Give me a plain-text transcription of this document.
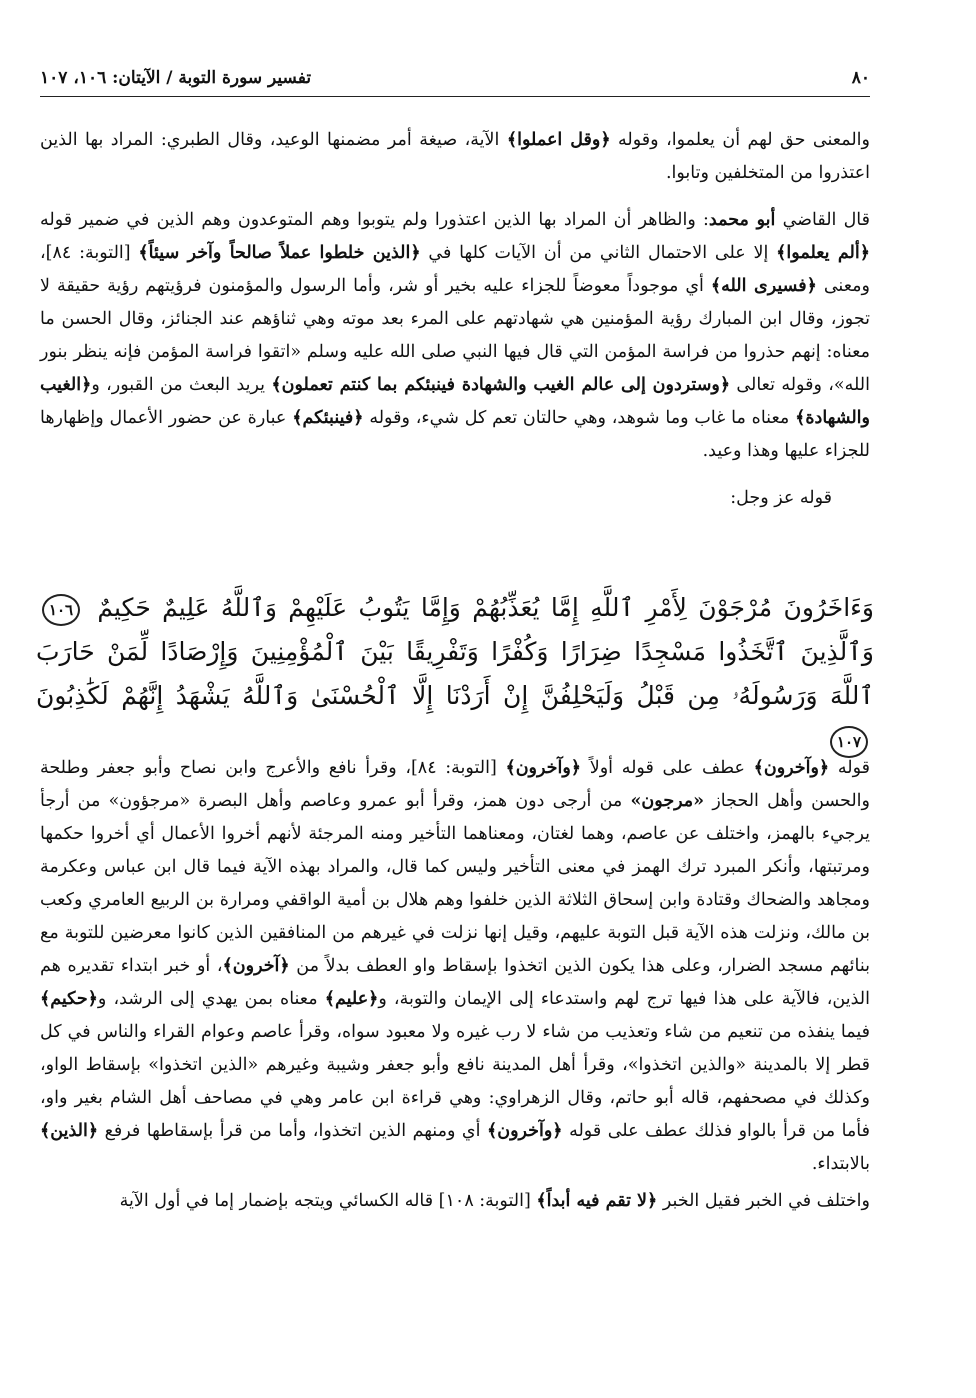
٨٠
تفسير سورة التوبة / الآيتان: ١٠٦، ١٠٧

والمعنى حق لهم أن يعلموا، وقوله ﴿وقل اعملوا﴾ الآية، صيغة أمر مضمنها الوعيد، وقال الطبري: المراد بها الذين اعتذروا من المتخلفين وتابوا.

قال القاضي أبو محمد: والظاهر أن المراد بها الذين اعتذورا ولم يتوبوا وهم المتوعدون وهم الذين في ضمير قوله ﴿ألم يعلموا﴾ إلا على الاحتمال الثاني من أن الآيات كلها في ﴿الذين خلطوا عملاً صالحاً وآخر سيئاً﴾ [التوبة: ٨٤]، ومعنى ﴿فسيرى الله﴾ أي موجوداً معوضاً للجزاء عليه بخير أو شر، وأما الرسول والمؤمنون فرؤيتهم رؤية حقيقة لا تجوز، وقال ابن المبارك رؤية المؤمنين هي شهادتهم على المرء بعد موته وهي ثناؤهم عند الجنائز، وقال الحسن ما معناه: إنهم حذروا من فراسة المؤمن التي قال فيها النبي صلى الله عليه وسلم «اتقوا فراسة المؤمن فإنه ينظر بنور الله»، وقوله تعالى ﴿وستردون إلى عالم الغيب والشهادة فينبئكم بما كنتم تعملون﴾ يريد البعث من القبور، و﴿الغيب والشهادة﴾ معناه ما غاب وما شوهد، وهي حالتان تعم كل شيء، وقوله ﴿فينبئكم﴾ عبارة عن حضور الأعمال وإظهارها للجزاء عليها وهذا وعيد.

قوله عز وجل:

وَءَاخَرُونَ مُرْجَوْنَ لِأَمْرِ ٱللَّهِ إِمَّا يُعَذِّبُهُمْ وَإِمَّا يَتُوبُ عَلَيْهِمْ وَٱللَّهُ عَلِيمٌ حَكِيمٌ ١٠٦ وَٱلَّذِينَ ٱتَّخَذُوا مَسْجِدًا ضِرَارًا وَكُفْرًا وَتَفْرِيقًا بَيْنَ ٱلْمُؤْمِنِينَ وَإِرْصَادًا لِّمَنْ حَارَبَ ٱللَّهَ وَرَسُولَهُۥ مِن قَبْلُ وَلَيَحْلِفُنَّ إِنْ أَرَدْنَا إِلَّا ٱلْحُسْنَىٰ وَٱللَّهُ يَشْهَدُ إِنَّهُمْ لَكَٰذِبُونَ ١٠٧

قوله ﴿وآخرون﴾ عطف على قوله أولاً ﴿وآخرون﴾ [التوبة: ٨٤]، وقرأ نافع والأعرج وابن نصاح وأبو جعفر وطلحة والحسن وأهل الحجاز «مرجون» من أرجى دون همز، وقرأ أبو عمرو وعاصم وأهل البصرة «مرجؤون» من أرجأ يرجيء بالهمز، واختلف عن عاصم، وهما لغتان، ومعناهما التأخير ومنه المرجئة لأنهم أخروا الأعمال أي أخروا حكمها ومرتبتها، وأنكر المبرد ترك الهمز في معنى التأخير وليس كما قال، والمراد بهذه الآية فيما قال ابن عباس وعكرمة ومجاهد والضحاك وقتادة وابن إسحاق الثلاثة الذين خلفوا وهم هلال بن أمية الواقفي ومرارة بن الربيع العامري وكعب بن مالك، ونزلت هذه الآية قبل التوبة عليهم، وقيل إنها نزلت في غيرهم من المنافقين الذين كانوا معرضين للتوبة مع بنائهم مسجد الضرار، وعلى هذا يكون الذين اتخذوا بإسقاط واو العطف بدلاً من ﴿آخرون﴾، أو خبر ابتداء تقديره هم الذين، فالآية على هذا فيها ترج لهم واستدعاء إلى الإيمان والتوبة، و﴿عليم﴾ معناه بمن يهدي إلى الرشد، و﴿حكيم﴾ فيما ينفذه من تنعيم من شاء وتعذيب من شاء لا رب غيره ولا معبود سواه، وقرأ عاصم وعوام القراء والناس في كل قطر إلا بالمدينة «والذين اتخذوا»، وقرأ أهل المدينة نافع وأبو جعفر وشيبة وغيرهم «الذين اتخذوا» بإسقاط الواو، وكذلك في مصحفهم، قاله أبو حاتم، وقال الزهراوي: وهي قراءة ابن عامر وهي في مصاحف أهل الشام بغير واو، فأما من قرأ بالواو فذلك عطف على قوله ﴿وآخرون﴾ أي ومنهم الذين اتخذوا، وأما من قرأ بإسقاطها فرفع ﴿الذين﴾ بالابتداء.

واختلف في الخبر فقيل الخبر ﴿لا تقم فيه أبداً﴾ [التوبة: ١٠٨] قاله الكسائي ويتجه بإضمار إما في أول الآية
